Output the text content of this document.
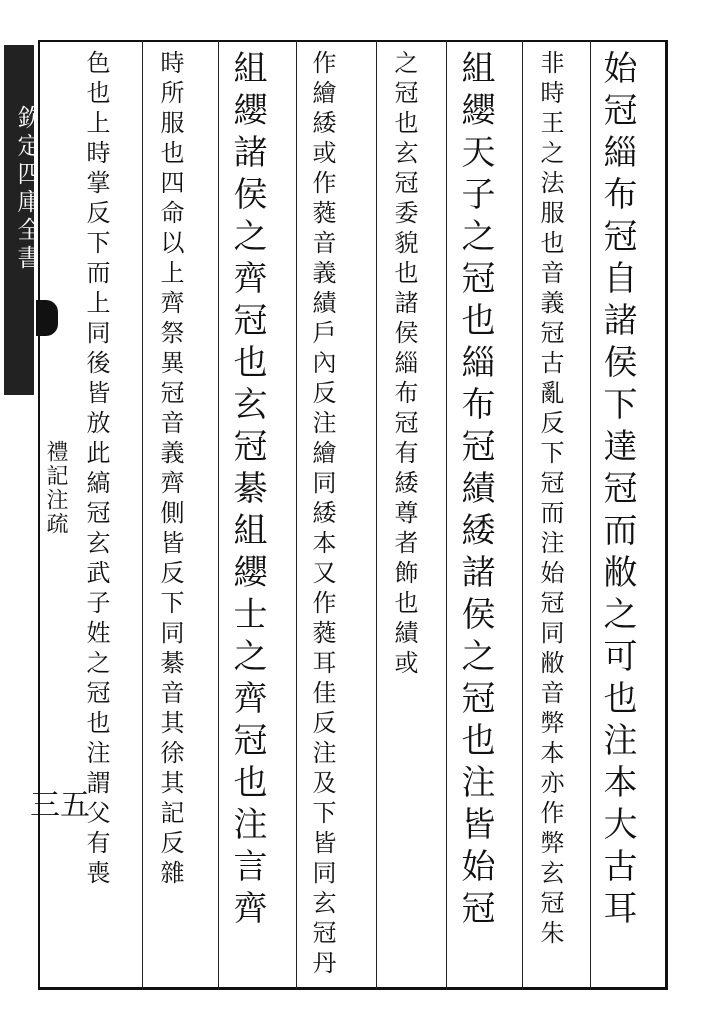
欽定四庫全書	始冠緇布冠自諸侯下達冠而敝之可也注本大古耳
非時王之法服也音義冠古亂反下冠而注始冠同敝音弊本亦作弊玄冠朱
組纓天子之冠也緇布冠績緌諸侯之冠也注皆始冠
之冠也玄冠委貌也諸侯緇布冠有緌尊者飾也績或
作繪緌或作蕤音義績戶內反注繪同緌本又作蕤耳佳反注及下皆同玄冠丹
組纓諸侯之齊冠也玄冠綦組纓士之齊冠也注言齊
時所服也四命以上齊祭異冠音義齊側皆反下同綦音其徐其記反雜
色也上時掌反下而上同後皆放此縞冠玄武子姓之冠也注謂父有喪
禮記注疏
三五
